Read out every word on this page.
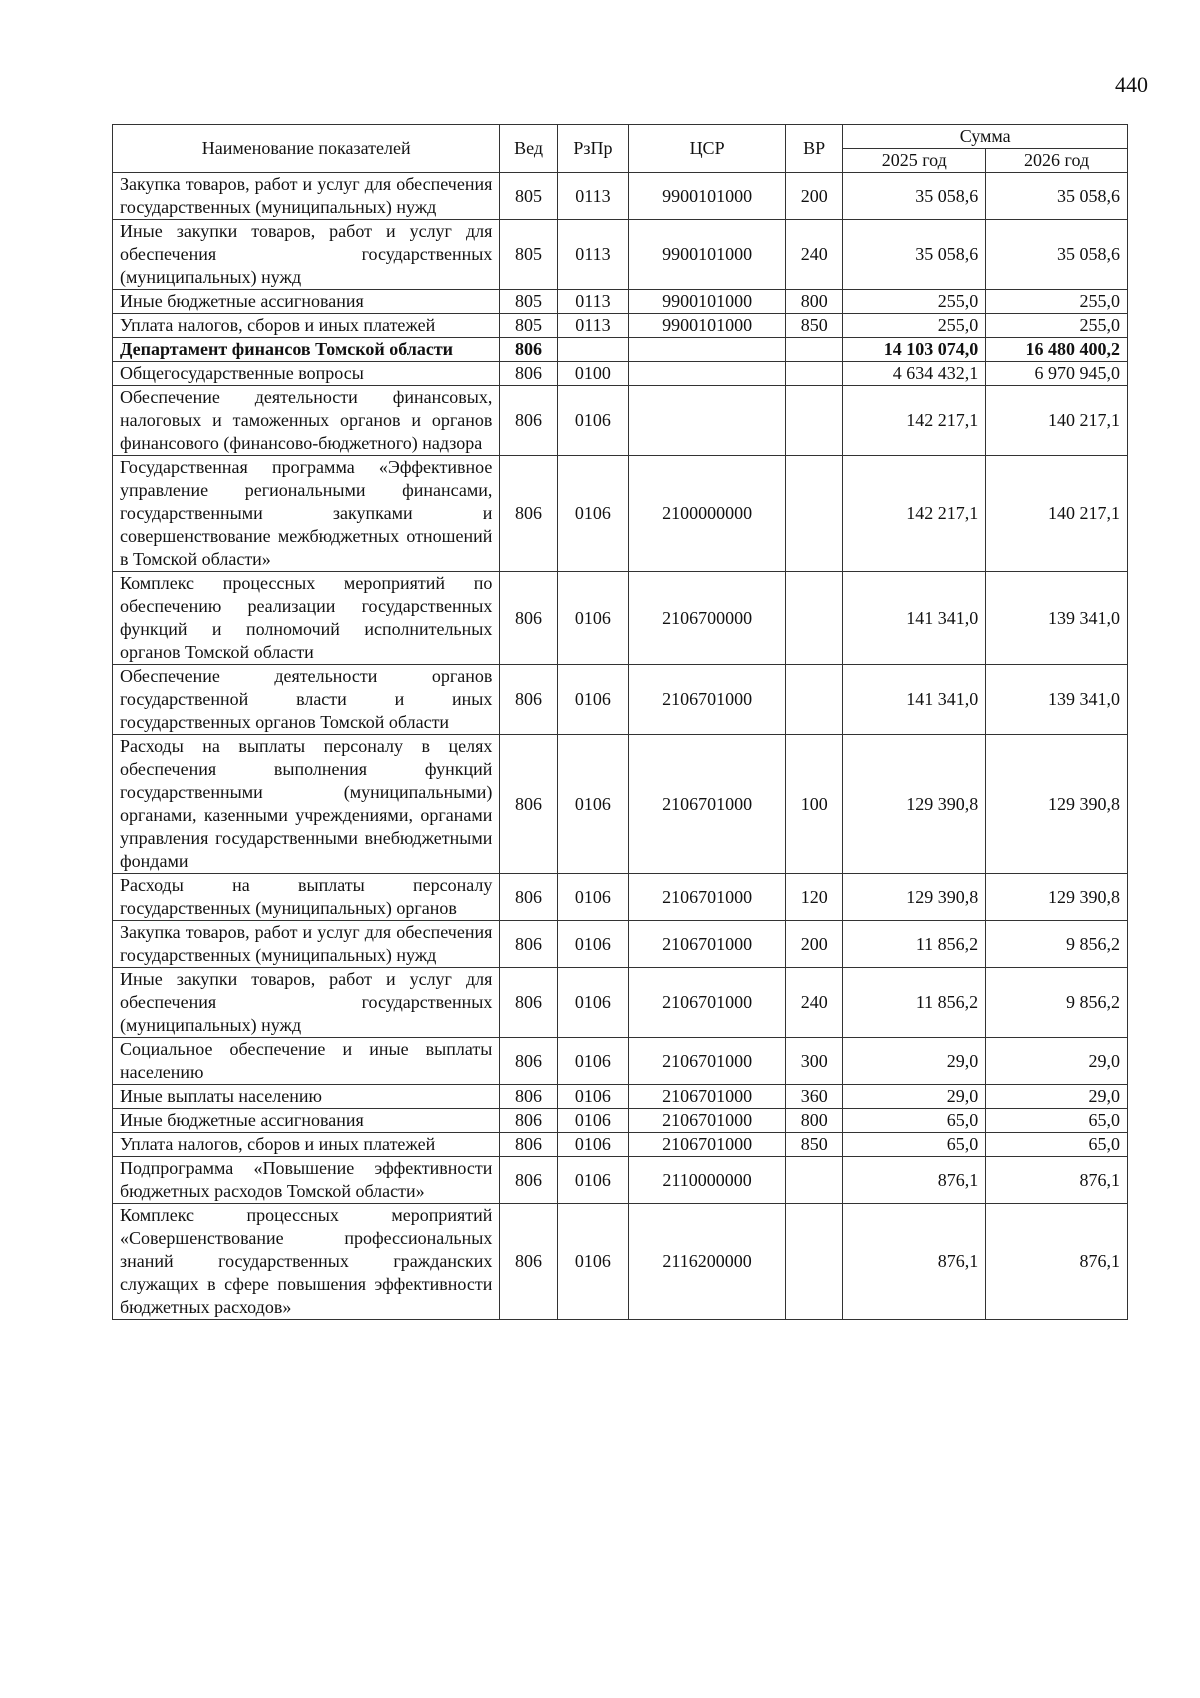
440
Наименование показателей	Вед	РзПр	ЦСР	ВР	Сумма	
					2025 год	2026 год
Закупка товаров, работ и услуг для обеспечения государственных (муниципальных) нужд	805	0113	9900101000	200	35 058,6	35 058,6
Иные закупки товаров, работ и услуг для обеспечения государственных (муниципальных) нужд	805	0113	9900101000	240	35 058,6	35 058,6
Иные бюджетные ассигнования	805	0113	9900101000	800	255,0	255,0
Уплата налогов, сборов и иных платежей	805	0113	9900101000	850	255,0	255,0
Департамент финансов Томской области	806				14 103 074,0	16 480 400,2
Общегосударственные вопросы	806	0100			4 634 432,1	6 970 945,0
Обеспечение деятельности финансовых, налоговых и таможенных органов и органов финансового (финансово-бюджетного) надзора	806	0106			142 217,1	140 217,1
Государственная программа «Эффективное управление региональными финансами, государственными закупками и совершенствование межбюджетных отношений в Томской области»	806	0106	2100000000		142 217,1	140 217,1
Комплекс процессных мероприятий по обеспечению реализации государственных функций и полномочий исполнительных органов Томской области	806	0106	2106700000		141 341,0	139 341,0
Обеспечение деятельности органов государственной власти и иных государственных органов Томской области	806	0106	2106701000		141 341,0	139 341,0
Расходы на выплаты персоналу в целях обеспечения выполнения функций государственными (муниципальными) органами, казенными учреждениями, органами управления государственными внебюджетными фондами	806	0106	2106701000	100	129 390,8	129 390,8
Расходы на выплаты персоналу государственных (муниципальных) органов	806	0106	2106701000	120	129 390,8	129 390,8
Закупка товаров, работ и услуг для обеспечения государственных (муниципальных) нужд	806	0106	2106701000	200	11 856,2	9 856,2
Иные закупки товаров, работ и услуг для обеспечения государственных (муниципальных) нужд	806	0106	2106701000	240	11 856,2	9 856,2
Социальное обеспечение и иные выплаты населению	806	0106	2106701000	300	29,0	29,0
Иные выплаты населению	806	0106	2106701000	360	29,0	29,0
Иные бюджетные ассигнования	806	0106	2106701000	800	65,0	65,0
Уплата налогов, сборов и иных платежей	806	0106	2106701000	850	65,0	65,0
Подпрограмма «Повышение эффективности бюджетных расходов Томской области»	806	0106	2110000000		876,1	876,1
Комплекс процессных мероприятий «Совершенствование профессиональных знаний государственных гражданских служащих в сфере повышения эффективности бюджетных расходов»	806	0106	2116200000		876,1	876,1
